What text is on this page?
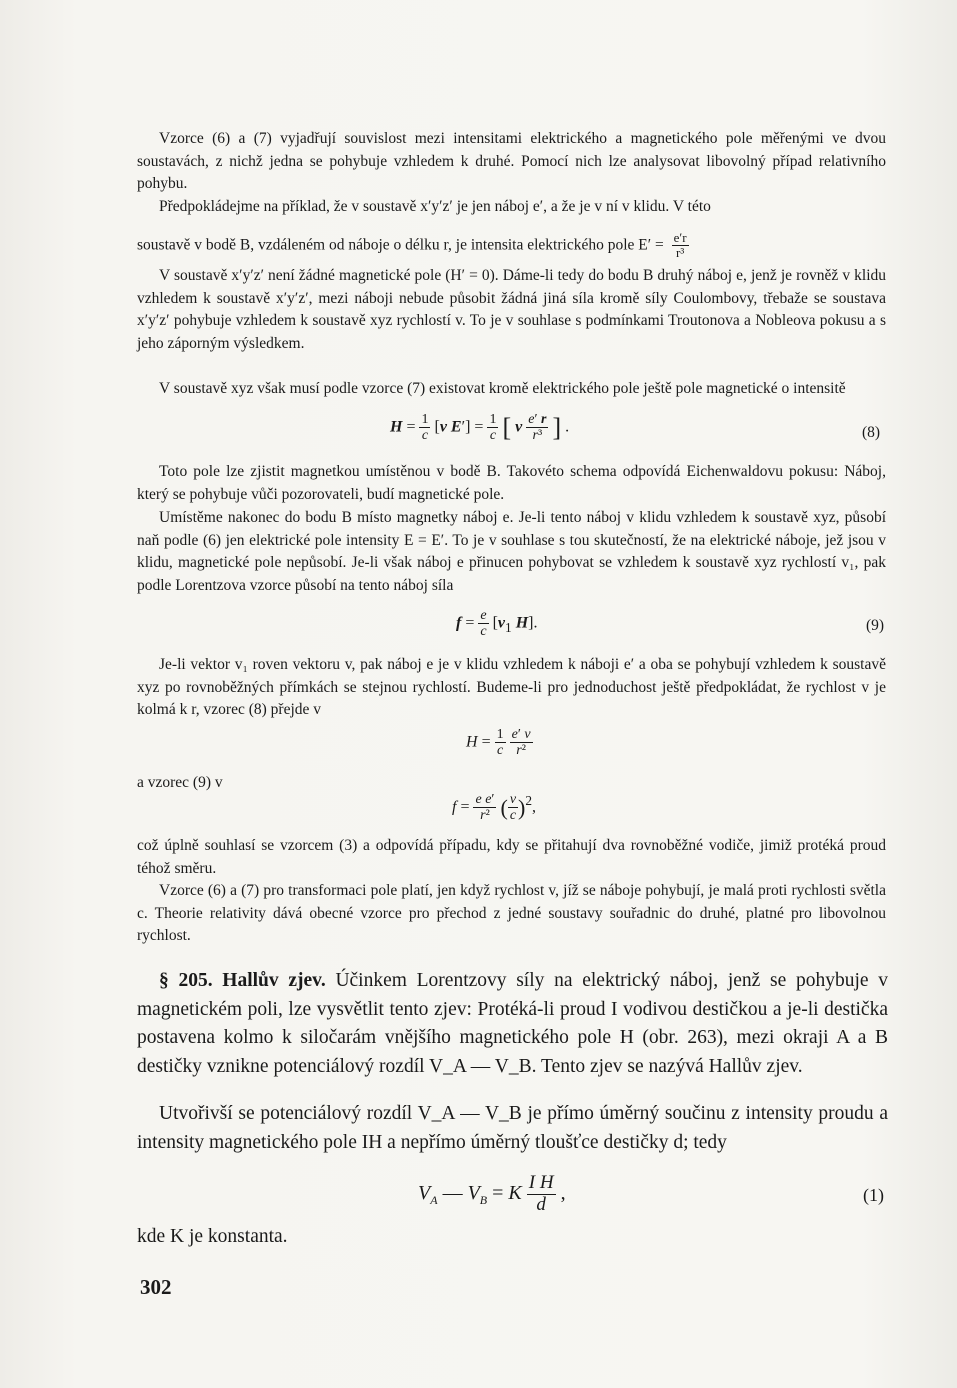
Vzorce (6) a (7) vyjadřují souvislost mezi intensitami elektrického a magnetického pole měřenými ve dvou soustavách, z nichž jedna se pohybuje vzhledem k druhé. Pomocí nich lze analysovat libovolný případ relativního pohybu.
Předpokládejme na příklad, že v soustavě x′y′z′ je jen náboj e′, a že je v ní v klidu. V této
soustavě v bodě B, vzdáleném od náboje o délku r, je intensita elektrického pole $E' = \frac{e'r}{\text{r³}}$
V soustavě x′y′z′ není žádné magnetické pole (H′ = 0). Dáme-li tedy do bodu B druhý náboj e, jenž je rovněž v klidu vzhledem k soustavě x′y′z′, mezi náboji nebude působit žádná jiná síla kromě síly Coulombovy, třebaže se soustava x′y′z′ pohybuje vzhledem k soustavě xyz rychlostí v. To je v souhlase s podmínkami Troutonova a Nobleova pokusu a s jeho záporným výsledkem.
V soustavě xyz však musí podle vzorce (7) existovat kromě elektrického pole ještě pole magnetické o intensitě
$H = \frac{1}{c} [v$ $E'] = \frac{1}{c}$ [ v $\frac{e' r}{\text{r³}}$ ] .	(8)
Toto pole lze zjistit magnetkou umístěnou v bodě B. Takovéto schema odpovídá Eichenwaldovu pokusu: Náboj, který se pohybuje vůči pozorovateli, budí magnetické pole.
Umístěme nakonec do bodu B místo magnetky náboj e. Je-li tento náboj v klidu vzhledem k soustavě xyz, působí naň podle (6) jen elektrické pole intensity E = E′. To je v souhlase s tou skutečností, že na elektrické náboje, jež jsou v klidu, magnetické pole nepůsobí. Je-li však náboj e přinucen pohybovat se vzhledem k soustavě xyz rychlostí v₁, pak podle Lorentzova vzorce působí na tento náboj síla
$f = \frac{e}{c} [v_1$ H].	(9)
Je-li vektor v₁ roven vektoru v, pak náboj e je v klidu vzhledem k náboji e′ a oba se pohybují vzhledem k soustavě xyz po rovnoběžných přímkách se stejnou rychlostí. Budeme-li pro jednoduchost ještě předpokládat, že rychlost v je kolmá k r, vzorec (8) přejde v
$H = \frac{1}{c}$
$\frac{e' v}{\text{r²}}$
a vzorec (9) v
$f = \frac{\text{e e′}}{\text{r²}}$ ( $\frac{v}{c} )^2$,
což úplně souhlasí se vzorcem (3) a odpovídá případu, kdy se přitahují dva rovnoběžné vodiče, jimiž protéká proud téhož směru.
Vzorce (6) a (7) pro transformaci pole platí, jen když rychlost v, jíž se náboje pohybují, je malá proti rychlosti světla c. Theorie relativity dává obecné vzorce pro přechod z jedné soustavy souřadnic do druhé, platné pro libovolnou rychlost.
§ 205. Hallův zjev. Účinkem Lorentzovy síly na elektrický náboj, jenž se pohybuje v magnetickém poli, lze vysvětlit tento zjev: Protéká-li proud I vodivou destičkou a je-li destička postavena kolmo k siločarám vnějšího magnetického pole H (obr. 263), mezi okraji A a B destičky vznikne potenciálový rozdíl V_A — V_B. Tento zjev se nazývá Hallův zjev.
Utvořivší se potenciálový rozdíl V_A — V_B je přímo úměrný součinu z intensity proudu a intensity magnetického pole IH a nepřímo úměrný tloušťce destičky d; tedy
$V_A$ — $V_B = K \frac{\text{I H}}{d}$ ,	(1)
kde K je konstanta.
302
